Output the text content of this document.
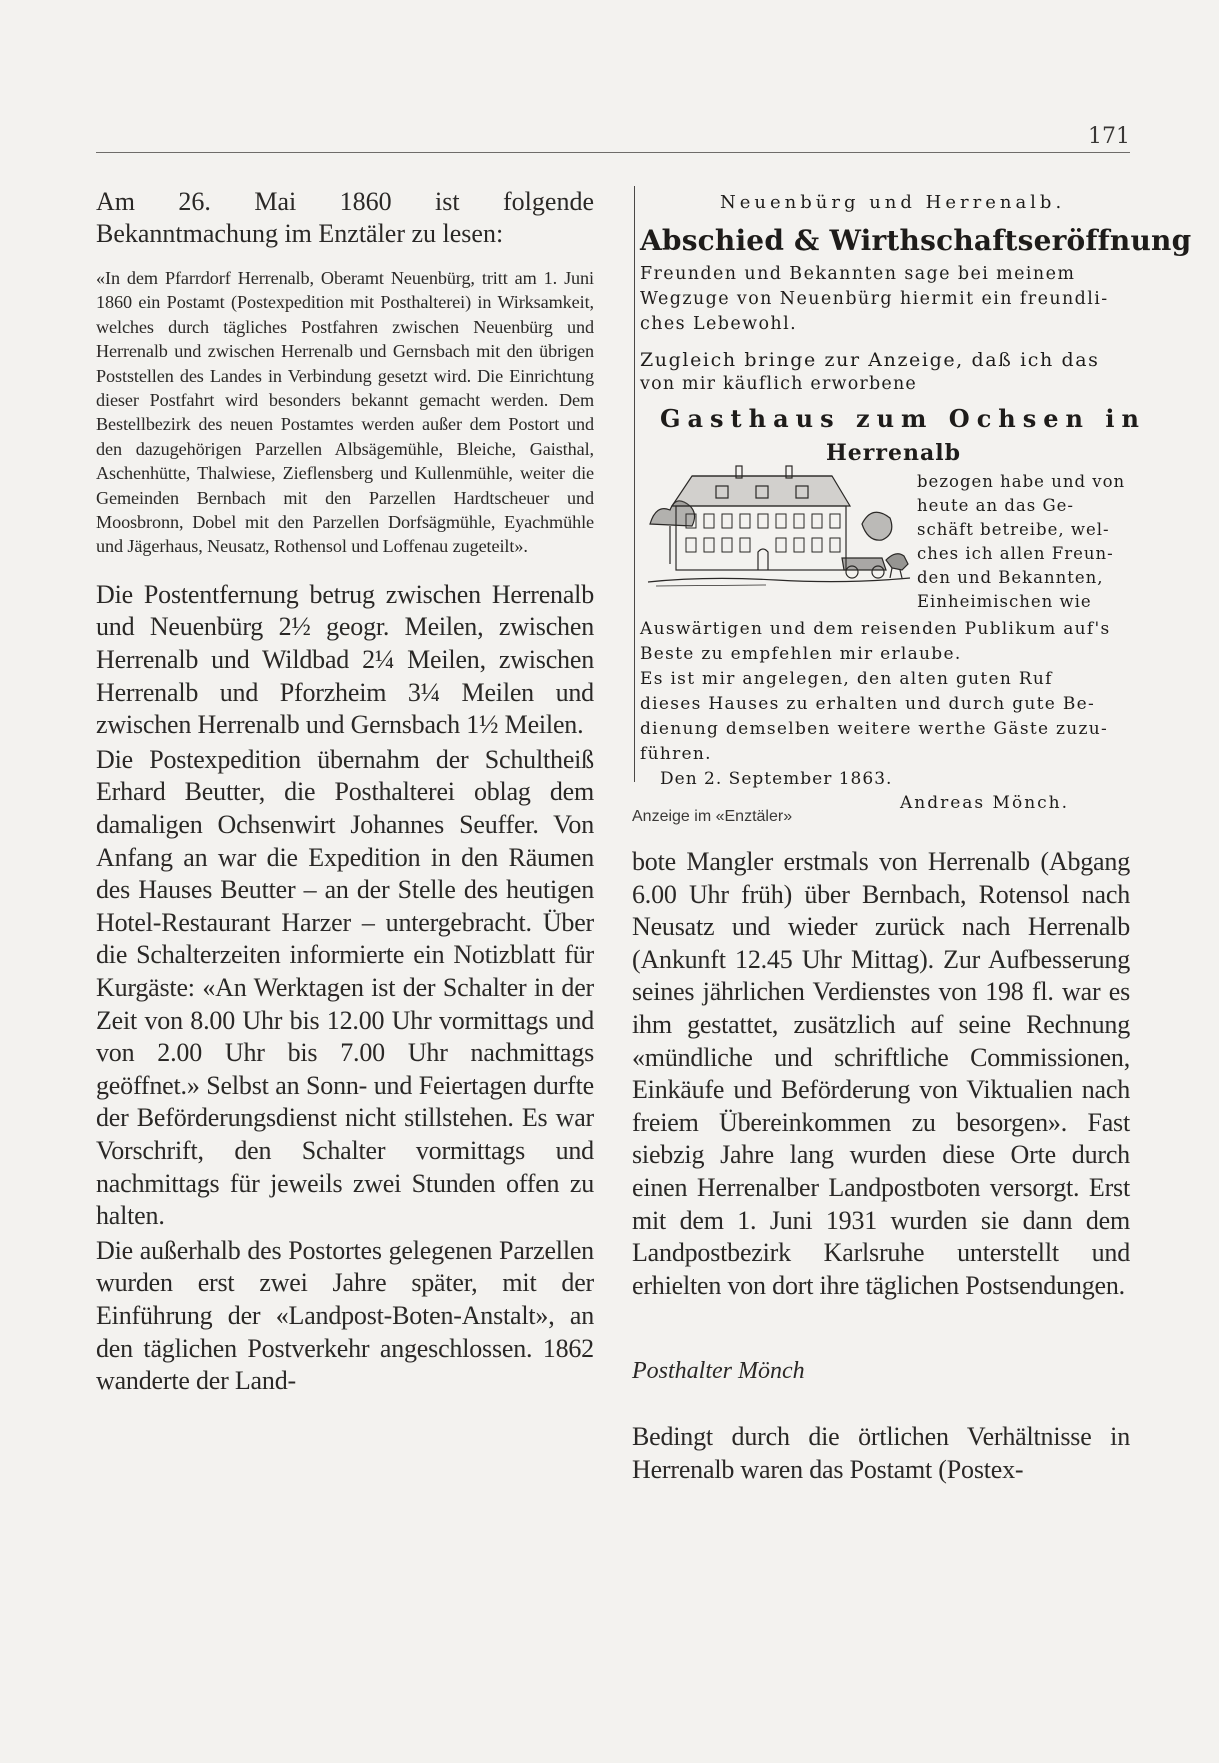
171

Am 26. Mai 1860 ist folgende Bekanntmachung im Enztäler zu lesen:

«In dem Pfarrdorf Herrenalb, Oberamt Neuenbürg, tritt am 1. Juni 1860 ein Postamt (Postexpedition mit Posthalterei) in Wirksamkeit, welches durch tägliches Postfahren zwischen Neuenbürg und Herrenalb und zwischen Herrenalb und Gernsbach mit den übrigen Poststellen des Landes in Verbindung gesetzt wird. Die Einrichtung dieser Postfahrt wird besonders bekannt gemacht werden. Dem Bestellbezirk des neuen Postamtes werden außer dem Postort und den dazugehörigen Parzellen Albsägemühle, Bleiche, Gaisthal, Aschenhütte, Thalwiese, Zieflensberg und Kullenmühle, weiter die Gemeinden Bernbach mit den Parzellen Hardtscheuer und Moosbronn, Dobel mit den Parzellen Dorfsägmühle, Eyachmühle und Jägerhaus, Neusatz, Rothensol und Loffenau zugeteilt».

Die Postentfernung betrug zwischen Herrenalb und Neuenbürg 2½ geogr. Meilen, zwischen Herrenalb und Wildbad 2¼ Meilen, zwischen Herrenalb und Pforzheim 3¼ Meilen und zwischen Herrenalb und Gernsbach 1½ Meilen.

Die Postexpedition übernahm der Schultheiß Erhard Beutter, die Posthalterei oblag dem damaligen Ochsenwirt Johannes Seuffer. Von Anfang an war die Expedition in den Räumen des Hauses Beutter – an der Stelle des heutigen Hotel-Restaurant Harzer – untergebracht. Über die Schalterzeiten informierte ein Notizblatt für Kurgäste: «An Werktagen ist der Schalter in der Zeit von 8.00 Uhr bis 12.00 Uhr vormittags und von 2.00 Uhr bis 7.00 Uhr nachmittags geöffnet.» Selbst an Sonn- und Feiertagen durfte der Beförderungsdienst nicht stillstehen. Es war Vorschrift, den Schalter vormittags und nachmittags für jeweils zwei Stunden offen zu halten.

Die außerhalb des Postortes gelegenen Parzellen wurden erst zwei Jahre später, mit der Einführung der «Landpost-Boten-Anstalt», an den täglichen Postverkehr angeschlossen. 1862 wanderte der Land-

Neuenbürg und Herrenalb.
Abschied & Wirthschaftseröffnung
Freunden und Bekannten sage bei meinem
Wegzuge von Neuenbürg hiermit ein freundli-
ches Lebewohl.
Zugleich bringe zur Anzeige, daß ich das
von mir käuflich erworbene
Gasthaus zum Ochsen in
Herrenalb
bezogen habe und von
heute an das Ge-
schäft betreibe, wel-
ches ich allen Freun-
den und Bekannten,
Einheimischen wie
Auswärtigen und dem reisenden Publikum auf's
Beste zu empfehlen mir erlaube.
Es ist mir angelegen, den alten guten Ruf
dieses Hauses zu erhalten und durch gute Be-
dienung demselben weitere werthe Gäste zuzu-
führen.
Den 2. September 1863.
Andreas Mönch.
Anzeige im «Enztäler»

bote Mangler erstmals von Herrenalb (Abgang 6.00 Uhr früh) über Bernbach, Rotensol nach Neusatz und wieder zurück nach Herrenalb (Ankunft 12.45 Uhr Mittag). Zur Aufbesserung seines jährlichen Verdienstes von 198 fl. war es ihm gestattet, zusätzlich auf seine Rechnung «mündliche und schriftliche Commissionen, Einkäufe und Beförderung von Viktualien nach freiem Übereinkommen zu besorgen». Fast siebzig Jahre lang wurden diese Orte durch einen Herrenalber Landpostboten versorgt. Erst mit dem 1. Juni 1931 wurden sie dann dem Landpostbezirk Karlsruhe unterstellt und erhielten von dort ihre täglichen Postsendungen.

Posthalter Mönch

Bedingt durch die örtlichen Verhältnisse in Herrenalb waren das Postamt (Postex-
